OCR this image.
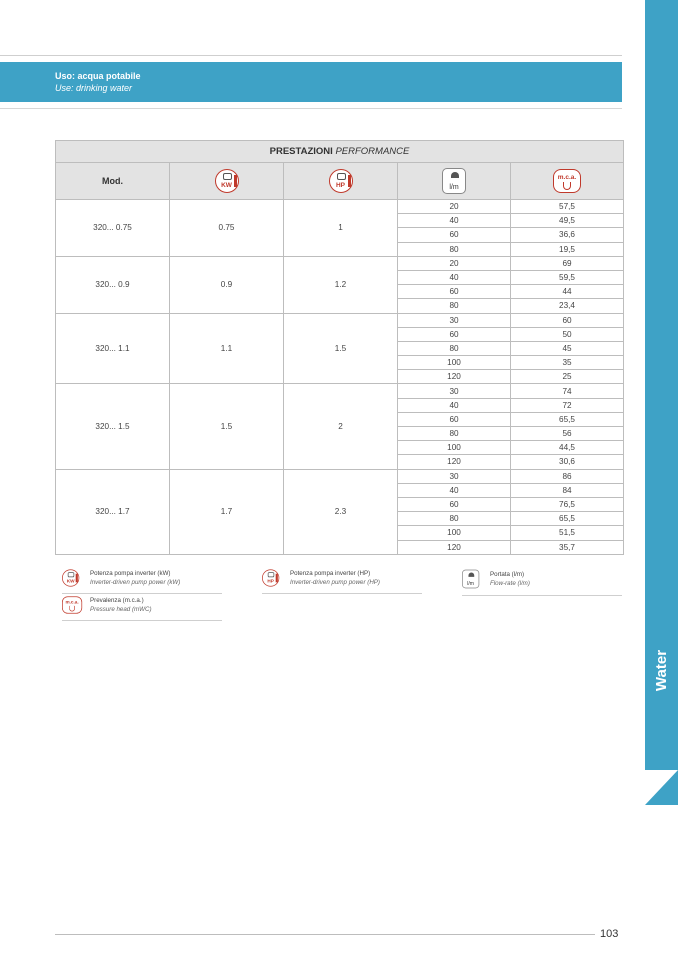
Uso: acqua potabile
Use: drinking water
Water
PRESTAZIONI PERFORMANCE				
Mod.	KW	HP	l/m	m.c.a.

320... 0.75	0.75	1	20	57,5
			40	49,5
			60	36,6
			80	19,5
320... 0.9	0.9	1.2	20	69
			40	59,5
			60	44
			80	23,4
320... 1.1	1.1	1.5	30	60
			60	50
			80	45
			100	35
			120	25
320... 1.5	1.5	2	30	74
			40	72
			60	65,5
			80	56
			100	44,5
			120	30,6
320... 1.7	1.7	2.3	30	86
			40	84
			60	76,5
			80	65,5
			100	51,5
			120	35,7
KW
Potenza pompa inverter (kW)
Inverter-driven pump power (kW)	HP
Potenza pompa inverter (HP)
Inverter-driven pump power (HP)	l/m
Portata (l/m)
Flow-rate (l/m)
m.c.a.	Prevalenza (m.c.a.)
Pressure head (mWC)
103
